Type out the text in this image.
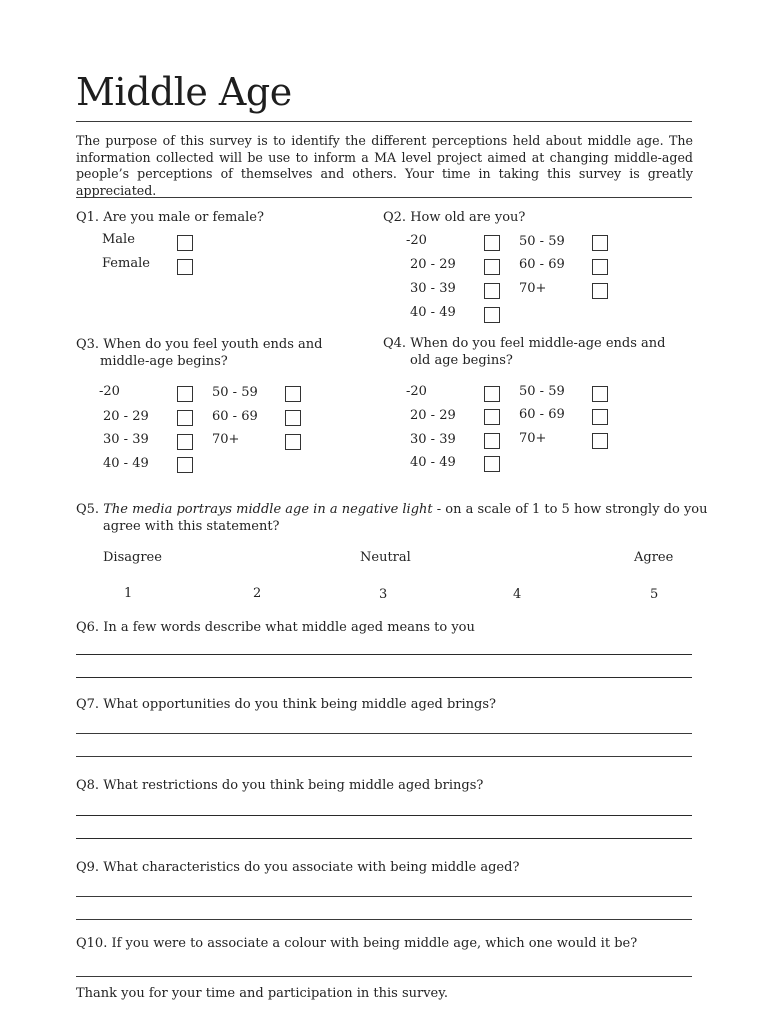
Middle Age
The purpose of this survey is to identify the different perceptions held about middle age. The information collected will be use to inform a MA level project aimed at changing middle-aged people’s perceptions of themselves and others. Your time in taking this survey is greatly appreciated.
Q1. Are you male or female?
Male
Female
Q2. How old are you?
-20
20 - 29
30 - 39
40 - 49
50 - 59
60 - 69
70+
Q3. When do you feel youth ends and
middle-age begins?
-20
20 - 29
30 - 39
40 - 49
50 - 59
60 - 69
70+
Q4. When do you feel middle-age ends and
old age begins?
-20
20 - 29
30 - 39
40 - 49
50 - 59
60 - 69
70+
Q5. The media portrays middle age in a negative light - on a scale of 1 to 5 how strongly do you
agree with this statement?
Disagree	Neutral	Agree
1	2	3	4	5
Q6. In a few words describe what middle aged means to you
Q7. What opportunities do you think being middle aged brings?
Q8. What restrictions do you think being middle aged brings?
Q9. What characteristics do you associate with being middle aged?
Q10. If you were to associate a colour with being middle age, which one would it be?
Thank you for your time and participation in this survey.
